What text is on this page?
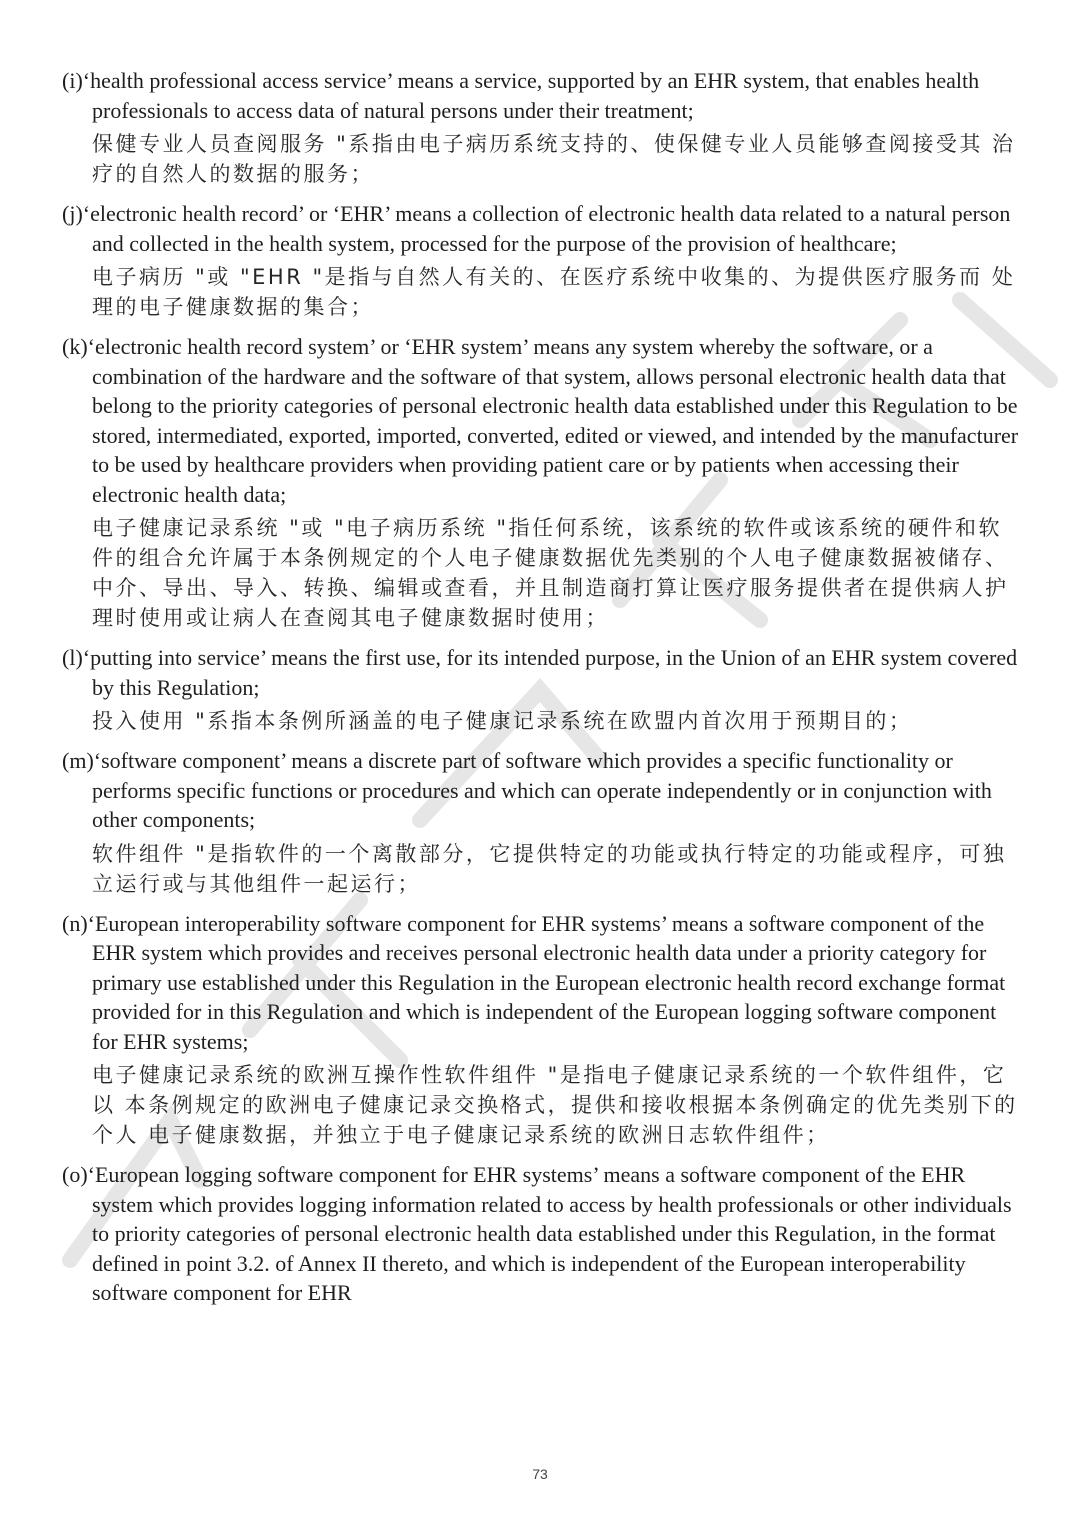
(i)‘health professional access service’ means a service, supported by an EHR system, that enables health professionals to access data of natural persons under their treatment;

保健专业人员查阅服务 "系指由电子病历系统支持的、使保健专业人员能够查阅接受其 治疗的自然人的数据的服务；

(j)‘electronic health record’ or ‘EHR’ means a collection of electronic health data related to a natural person and collected in the health system, processed for the purpose of the provision of healthcare;

电子病历 "或 "EHR "是指与自然人有关的、在医疗系统中收集的、为提供医疗服务而 处理的电子健康数据的集合；

(k)‘electronic health record system’ or ‘EHR system’ means any system whereby the software, or a combination of the hardware and the software of that system, allows personal electronic health data that belong to the priority categories of personal electronic health data established under this Regulation to be stored, intermediated, exported, imported, converted, edited or viewed, and intended by the manufacturer to be used by healthcare providers when providing patient care or by patients when accessing their electronic health data;

电子健康记录系统 "或 "电子病历系统 "指任何系统，该系统的软件或该系统的硬件和软件的组合允许属于本条例规定的个人电子健康数据优先类别的个人电子健康数据被储存、中介、导出、导入、转换、编辑或查看，并且制造商打算让医疗服务提供者在提供病人护理时使用或让病人在查阅其电子健康数据时使用；

(l)‘putting into service’ means the first use, for its intended purpose, in the Union of an EHR system covered by this Regulation;

投入使用 "系指本条例所涵盖的电子健康记录系统在欧盟内首次用于预期目的；

(m)‘software component’ means a discrete part of software which provides a specific functionality or performs specific functions or procedures and which can operate independently or in conjunction with other components;

软件组件 "是指软件的一个离散部分，它提供特定的功能或执行特定的功能或程序，可独立运行或与其他组件一起运行；

(n)‘European interoperability software component for EHR systems’ means a software component of the EHR system which provides and receives personal electronic health data under a priority category for primary use established under this Regulation in the European electronic health record exchange format provided for in this Regulation and which is independent of the European logging software component for EHR systems;

电子健康记录系统的欧洲互操作性软件组件 "是指电子健康记录系统的一个软件组件，它以 本条例规定的欧洲电子健康记录交换格式，提供和接收根据本条例确定的优先类别下的个人 电子健康数据，并独立于电子健康记录系统的欧洲日志软件组件；

(o)‘European logging software component for EHR systems’ means a software component of the EHR system which provides logging information related to access by health professionals or other individuals to priority categories of personal electronic health data established under this Regulation, in the format defined in point 3.2. of Annex II thereto, and which is independent of the European interoperability software component for EHR

73
